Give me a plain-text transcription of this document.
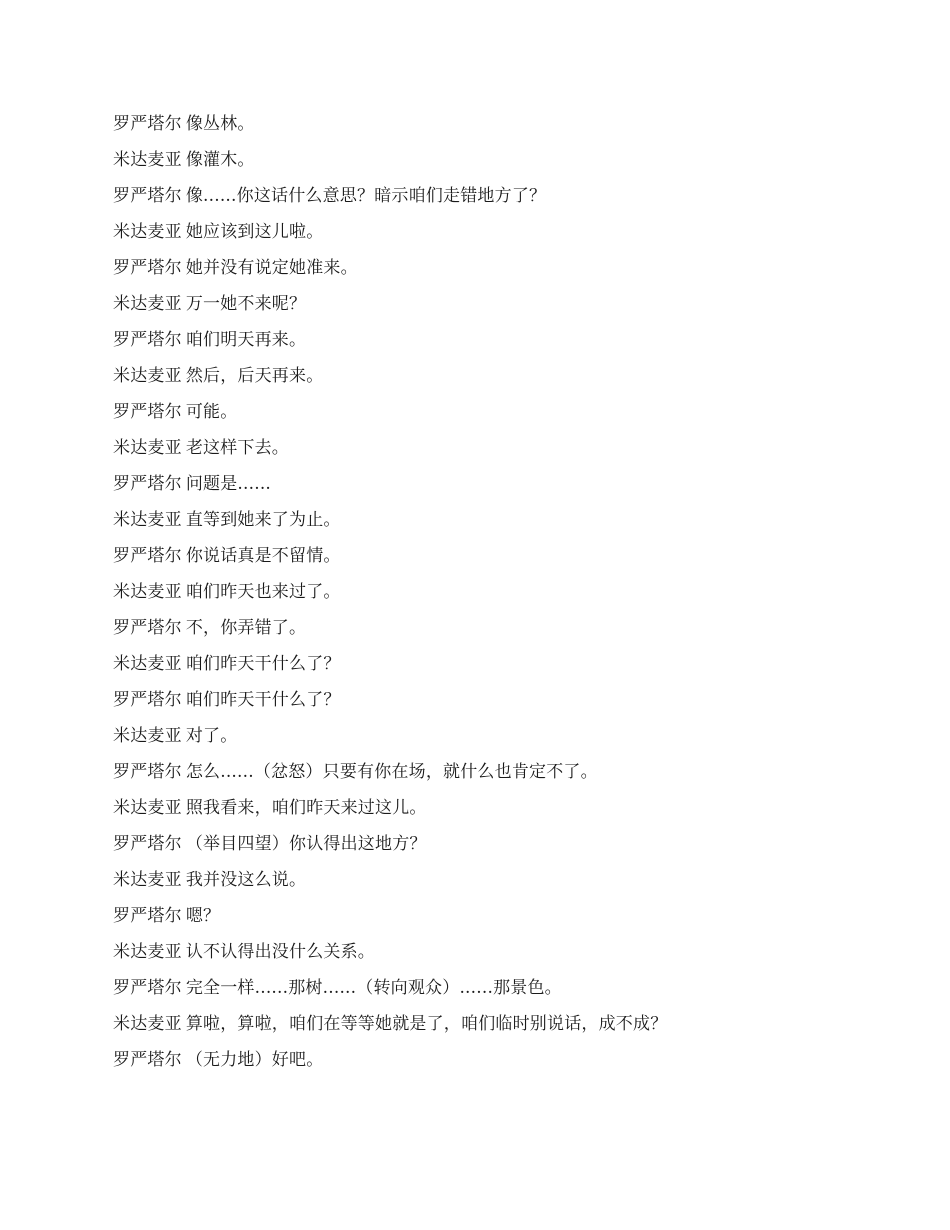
罗严塔尔 像丛林。
米达麦亚 像灌木。
罗严塔尔 像......你这话什么意思？暗示咱们走错地方了？
米达麦亚 她应该到这儿啦。
罗严塔尔 她并没有说定她准来。
米达麦亚 万一她不来呢？
罗严塔尔 咱们明天再来。
米达麦亚 然后，后天再来。
罗严塔尔 可能。
米达麦亚 老这样下去。
罗严塔尔 问题是......
米达麦亚 直等到她来了为止。
罗严塔尔 你说话真是不留情。
米达麦亚 咱们昨天也来过了。
罗严塔尔 不，你弄错了。
米达麦亚 咱们昨天干什么了？
罗严塔尔 咱们昨天干什么了？
米达麦亚 对了。
罗严塔尔 怎么......（忿怒）只要有你在场，就什么也肯定不了。
米达麦亚 照我看来，咱们昨天来过这儿。
罗严塔尔 （举目四望）你认得出这地方？
米达麦亚 我并没这么说。
罗严塔尔 嗯？
米达麦亚 认不认得出没什么关系。
罗严塔尔 完全一样......那树......（转向观众）......那景色。
米达麦亚 算啦，算啦，咱们在等等她就是了，咱们临时别说话，成不成？
罗严塔尔 （无力地）好吧。
